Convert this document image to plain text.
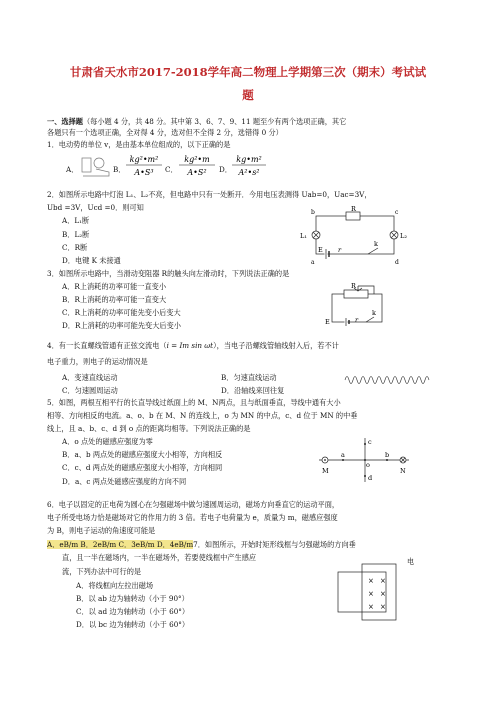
甘肃省天水市2017-2018学年高二物理上学期第三次（期末）考试试
题
一、选择题（每小题 4 分，共 48 分。其中第 3、6、7、9、11 题至少有两个选项正确，其它
各题只有一个选项正确，全对得 4 分，选对但不全得 2 分，选错得 0 分）
1．电动势的单位 v，是由基本单位组成的，以下正确的是
A．	B．
kg²•m²
A•S³ C．
kg²•m
A•S² D．
kg•m²
A²•s²
2．如图所示电路中灯泡 L₁、L₂不亮，但电路中只有一处断开．今用电压表测得 Uab=0，Uac=3V，
Ubd =3V，Ucd =0．则可知
A．L₁断
B．L₂断
C．R断
D．电键 K 未接通
R
L₁	L₂
E r
k
b	c
a	d
3．如图所示电路中，当滑动变阻器 R的触头向左滑动时，下列说法正确的是
A．R上消耗的功率可能一直变小
B．R上消耗的功率可能一直变大
C．R上消耗的功率可能先变小后变大
D．R上消耗的功率可能先变大后变小
R
E	r
k
4．有一长直螺线管通有正弦交流电（i = Im sin ωt），当电子沿螺线管轴线射入后，若不计
电子重力，则电子的运动情况是
A．变速直线运动	B．匀速直线运动
C．匀速圆周运动	D．沿轴线来回往复
5．如图，两根互相平行的长直导线过纸面上的 M、N两点，且与纸面垂直，导线中通有大小
相等、方向相反的电流。a、o、b 在 M、N 的连线上，o 为 MN 的中点，c、d 位于 MN 的中垂
线上，且 a、b、c、d 到 o 点的距离均相等。下列说法正确的是
A．o 点处的磁感应强度为零
B．a、b 两点处的磁感应强度大小相等，方向相反
C．c、d 两点处的磁感应强度大小相等，方向相同
D．a、c 两点处磁感应强度的方向不同
c
d
a
o
b
M	N
6．电子以固定的正电荷为圆心在匀强磁场中做匀速圆周运动，磁场方向垂直它的运动平面，
电子所受电场力恰是磁场对它的作用力的 3 倍。若电子电荷量为 e，质量为 m，磁感应强度
为 B，则电子运动的角速度可能是
A．eB/m B．2eB/m C．3eB/m D．4eB/m7．如图所示，开始时矩形线框与匀强磁场的方向垂
直，且一半在磁场内，一半在磁场外，若要使线框中产生感应	电
流，下列办法中可行的是
A．将线框向左拉出磁场
B．以 ab 边为轴转动（小于 90°）
C．以 ad 边为轴转动（小于 60°）
D．以 bc 边为轴转动（小于 60°）
× ×
× ×
× ×
